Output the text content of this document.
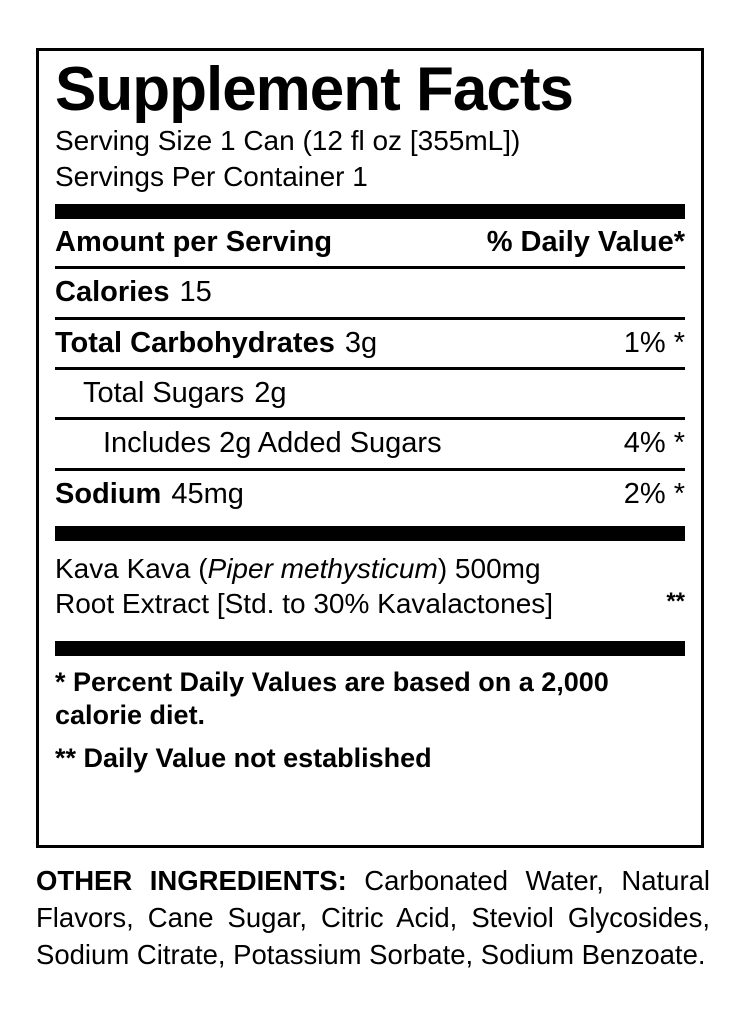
Supplement Facts
Serving Size 1 Can (12 fl oz [355mL])
Servings Per Container 1
Amount per Serving	% Daily Value*
Calories 15
Total Carbohydrates 3g	1% *
Total Sugars 2g
Includes 2g Added Sugars	4% *
Sodium 45mg	2% *
Kava Kava (Piper methysticum) 500mg
Root Extract [Std. to 30% Kavalactones]	**
* Percent Daily Values are based on a 2,000 calorie diet.
** Daily Value not established
OTHER INGREDIENTS: Carbonated Water, Natural Flavors, Cane Sugar, Citric Acid, Steviol Glycosides, Sodium Citrate, Potassium Sorbate, Sodium Benzoate.
